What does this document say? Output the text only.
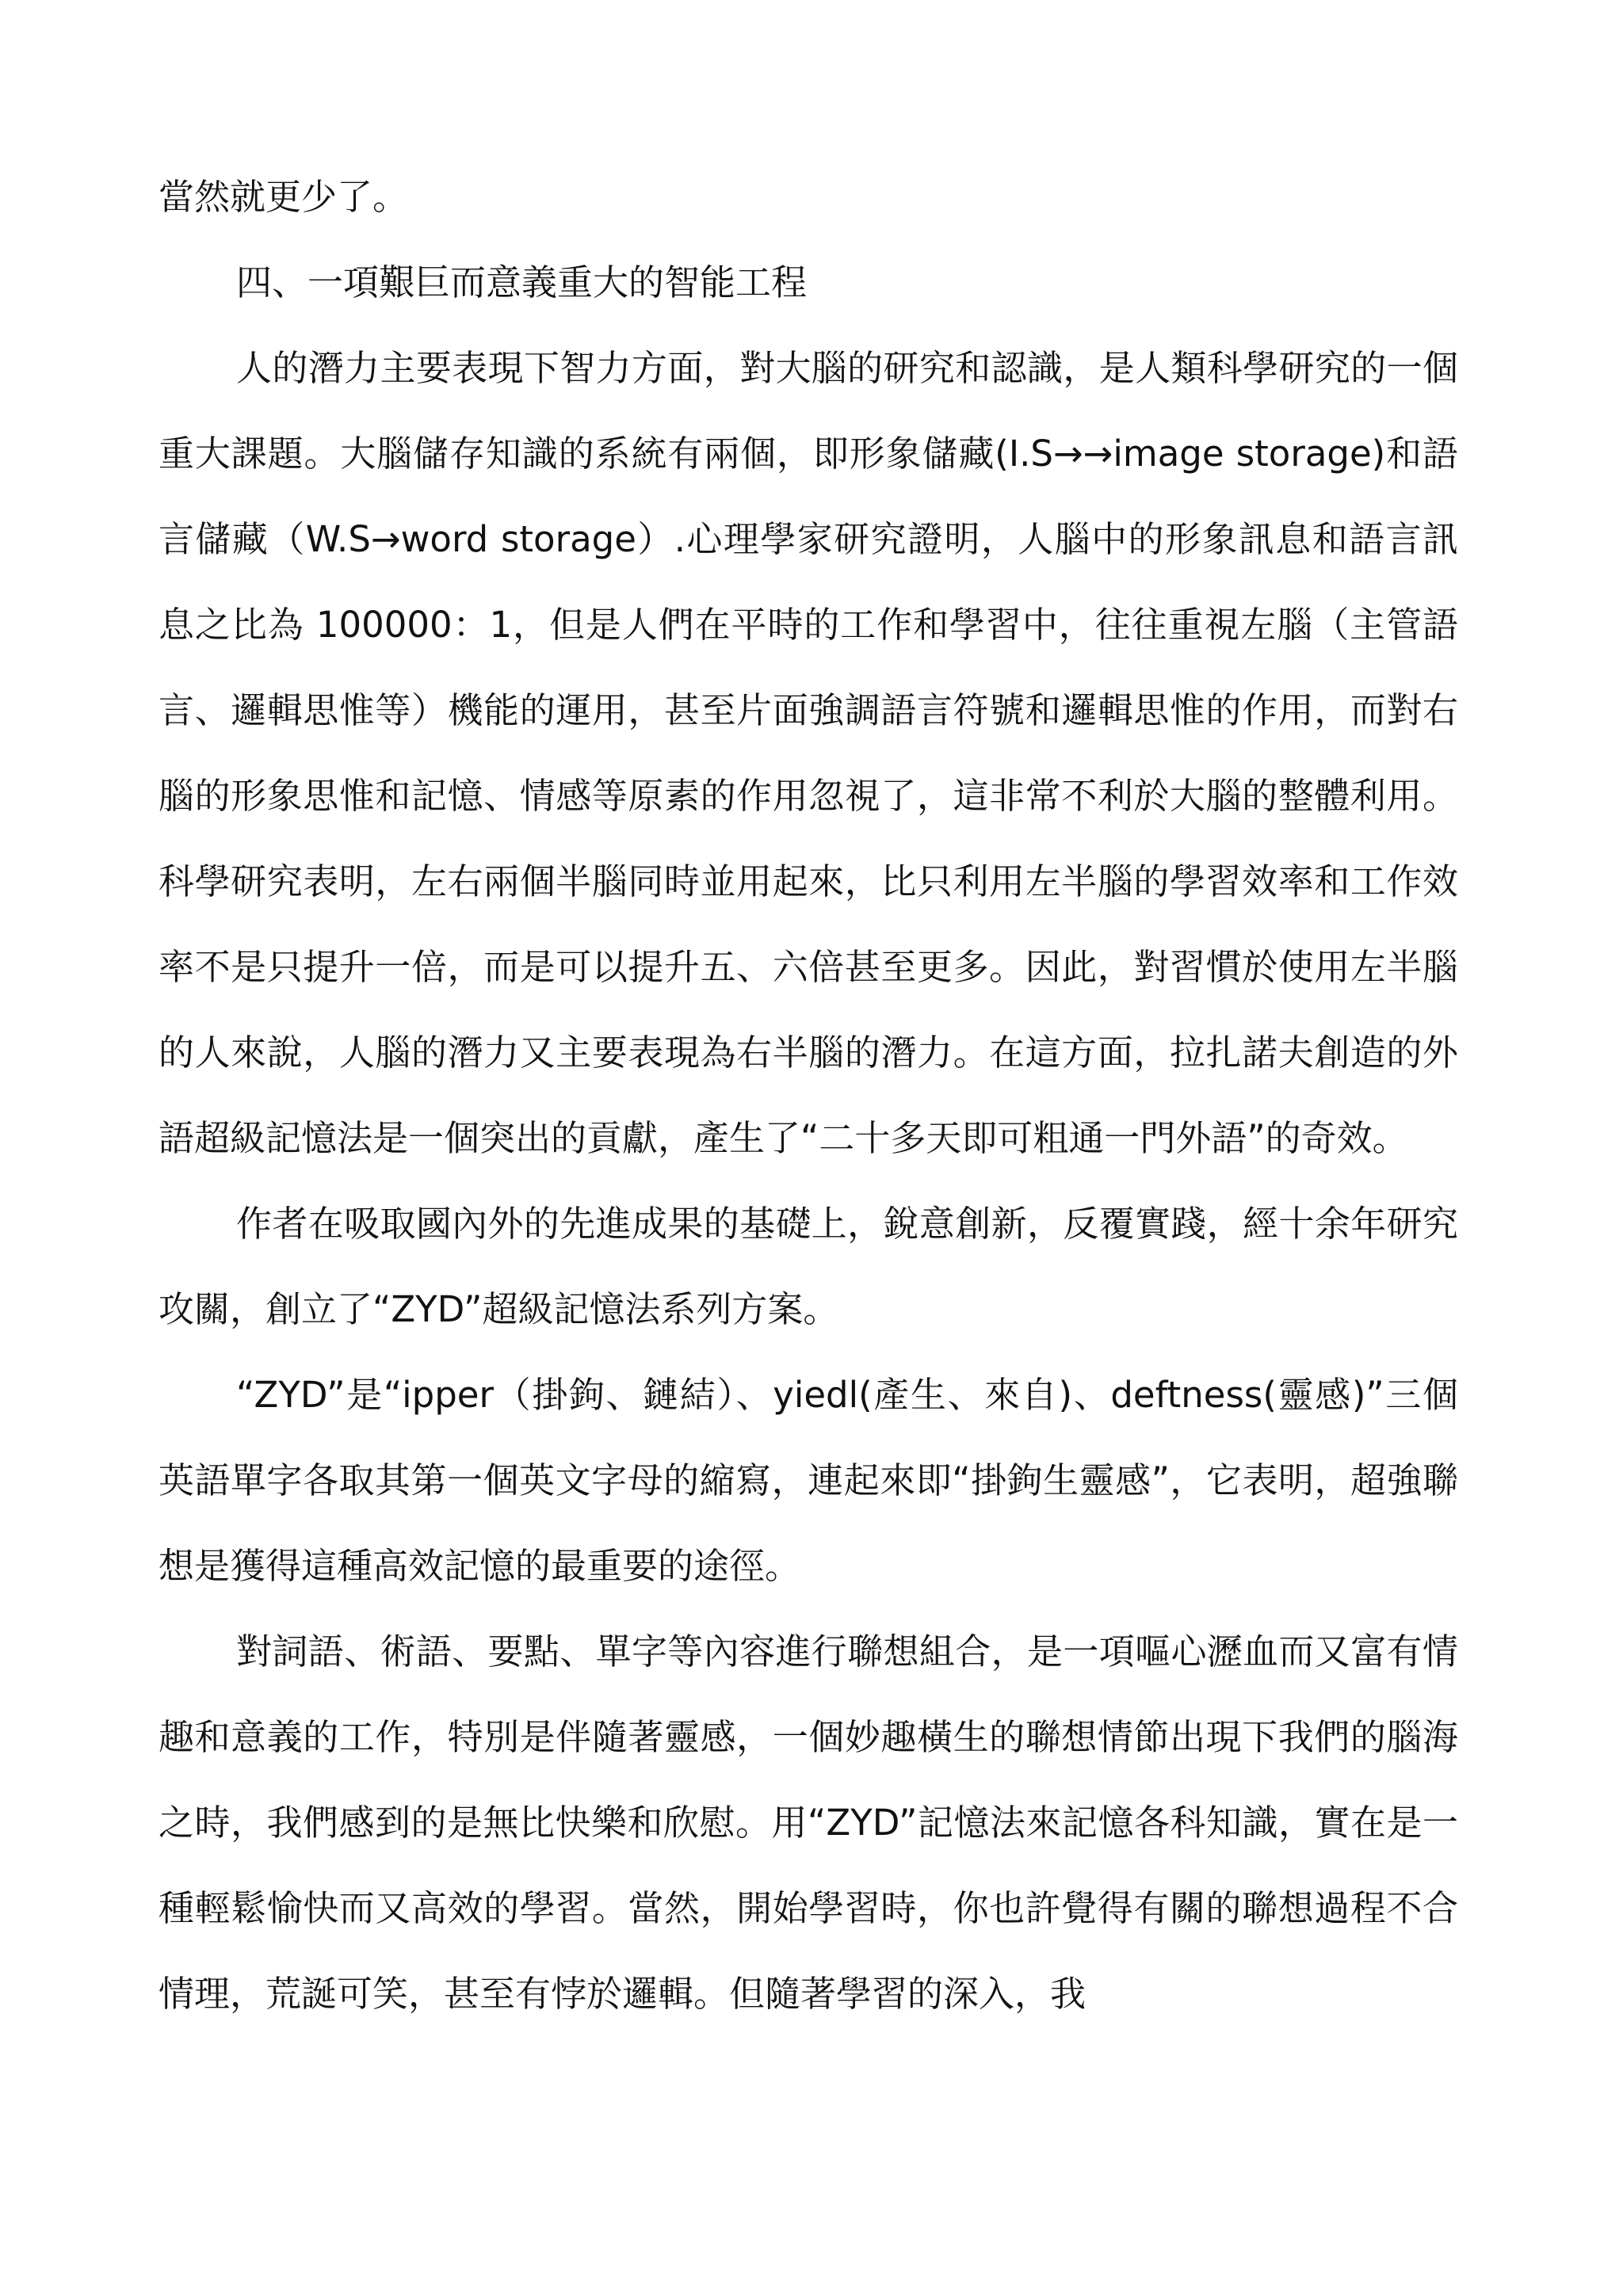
當然就更少了。

四、一項艱巨而意義重大的智能工程

人的潛力主要表現下智力方面，對大腦的研究和認識，是人類科學研究的一個重大課題。大腦儲存知識的系統有兩個，即形象儲藏(I.S→→image storage)和語言儲藏（W.S→word storage）.心理學家研究證明，人腦中的形象訊息和語言訊息之比為 100000：1，但是人們在平時的工作和學習中，往往重視左腦（主管語言、邏輯思惟等）機能的運用，甚至片面強調語言符號和邏輯思惟的作用，而對右腦的形象思惟和記憶、情感等原素的作用忽視了，這非常不利於大腦的整體利用。科學研究表明，左右兩個半腦同時並用起來，比只利用左半腦的學習效率和工作效率不是只提升一倍，而是可以提升五、六倍甚至更多。因此，對習慣於使用左半腦的人來說，人腦的潛力又主要表現為右半腦的潛力。在這方面，拉扎諾夫創造的外語超級記憶法是一個突出的貢獻，產生了“二十多天即可粗通一門外語”的奇效。

作者在吸取國內外的先進成果的基礎上，銳意創新，反覆實踐，經十余年研究攻關，創立了“ZYD”超級記憶法系列方案。

“ZYD”是“ipper（掛鉤、鏈結）、yiedl(產生、來自)、deftness(靈感)”三個英語單字各取其第一個英文字母的縮寫，連起來即“掛鉤生靈感”，它表明，超強聯想是獲得這種高效記憶的最重要的途徑。

對詞語、術語、要點、單字等內容進行聯想組合，是一項嘔心瀝血而又富有情趣和意義的工作，特別是伴隨著靈感，一個妙趣橫生的聯想情節出現下我們的腦海之時，我們感到的是無比快樂和欣慰。用“ZYD”記憶法來記憶各科知識，實在是一種輕鬆愉快而又高效的學習。當然，開始學習時，你也許覺得有關的聯想過程不合情理，荒誕可笑，甚至有悖於邏輯。但隨著學習的深入，我
